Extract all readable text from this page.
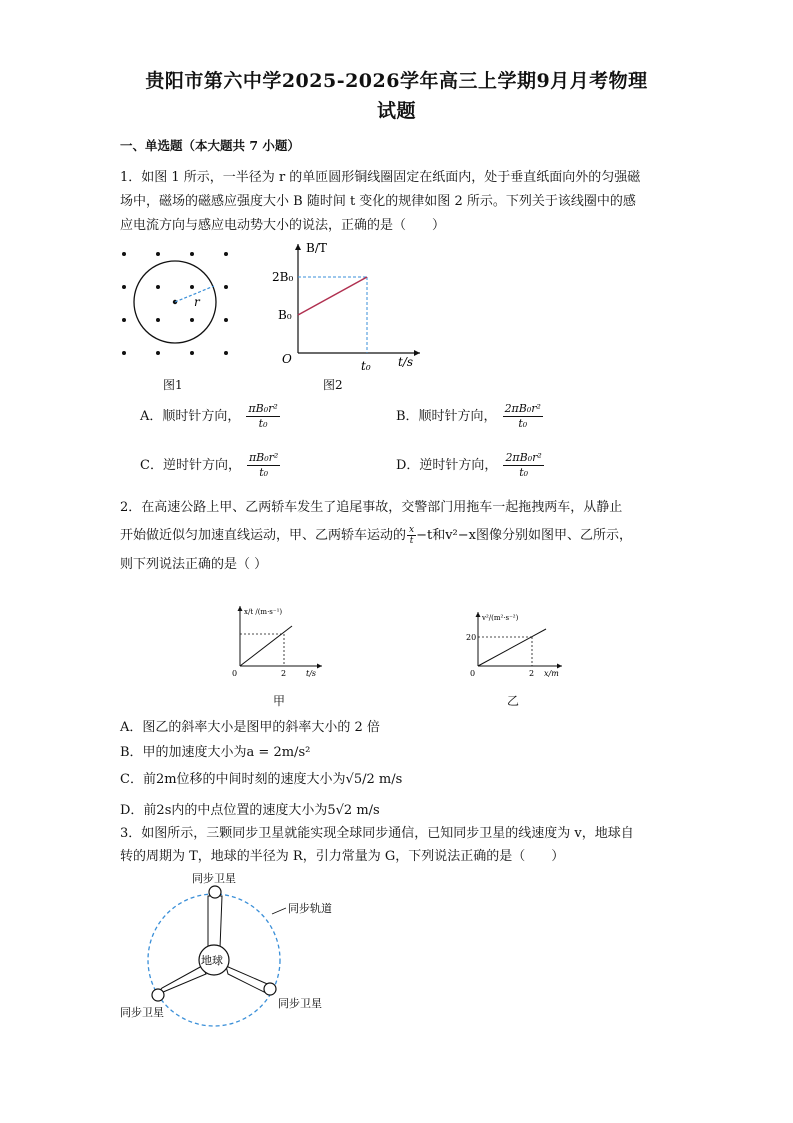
贵阳市第六中学2025-2026学年高三上学期9月月考物理
试题
一、单选题（本大题共 7 小题）
1．如图 1 所示，一半径为 r 的单匝圆形铜线圈固定在纸面内，处于垂直纸面向外的匀强磁
场中，磁场的磁感应强度大小 B 随时间 t 变化的规律如图 2 所示。下列关于该线圈中的感
应电流方向与感应电动势大小的说法，正确的是（　　）
r
图1
B/T
2B₀
B₀
O	t₀ t/s
图2
A．顺时针方向， $\frac{\text{πB₀r²}}{\text{t₀}}$	B．顺时针方向， $\frac{\text{2πB₀r²}}{\text{t₀}}$
C．逆时针方向， $\frac{\text{πB₀r²}}{\text{t₀}}$	D．逆时针方向， $\frac{\text{2πB₀r²}}{\text{t₀}}$
2．在高速公路上甲、乙两轿车发生了追尾事故，交警部门用拖车一起拖拽两车，从静止
开始做近似匀加速直线运动，甲、乙两轿车运动的 $\frac{x}{t} -t$和v²−x图像分别如图甲、乙所示，
则下列说法正确的是（ ）
x/t /(m·s⁻¹)
0	2 t/s
甲
v²/(m²·s⁻²)
20
0	2 x/m
乙
A．图乙的斜率大小是图甲的斜率大小的 2 倍
B．甲的加速度大小为a = 2m/s²
C．前2m位移的中间时刻的速度大小为√5/2 m/s
D．前2s内的中点位置的速度大小为5√2 m/s
3．如图所示，三颗同步卫星就能实现全球同步通信，已知同步卫星的线速度为 v，地球自
转的周期为 T，地球的半径为 R，引力常量为 G，下列说法正确的是（　　）
地球
同步轨道
同步卫星
同步卫星
同步卫星
